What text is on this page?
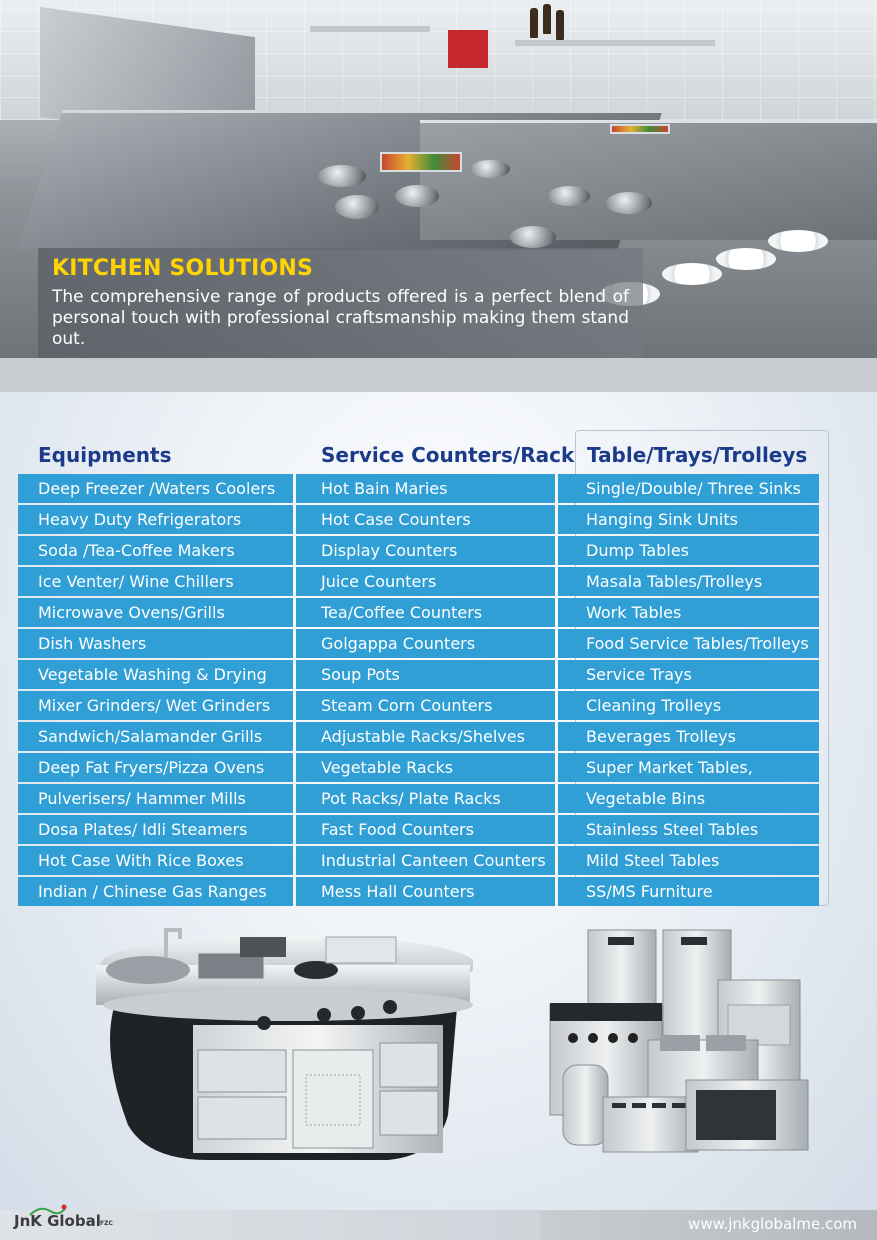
KITCHEN SOLUTIONS
The comprehensive range of products offered is a perfect blend of personal touch with professional craftsmanship making them stand out.
Equipments	Service Counters/Rack Table/Trays/Trolleys
Deep Freezer /Waters Coolers
Heavy Duty Refrigerators
Soda /Tea-Coffee Makers
Ice Venter/ Wine Chillers
Microwave Ovens/Grills
Dish Washers
Vegetable Washing & Drying
Mixer Grinders/ Wet Grinders
Sandwich/Salamander Grills
Deep Fat Fryers/Pizza Ovens
Pulverisers/ Hammer Mills
Dosa Plates/ Idli Steamers
Hot Case With Rice Boxes
Indian / Chinese Gas Ranges
Hot Bain Maries
Hot Case Counters
Display Counters
Juice Counters
Tea/Coffee Counters
Golgappa Counters
Soup Pots
Steam Corn Counters
Adjustable Racks/Shelves
Vegetable Racks
Pot Racks/ Plate Racks
Fast Food Counters
Industrial Canteen Counters
Mess Hall Counters
Single/Double/ Three Sinks
Hanging Sink Units
Dump Tables
Masala Tables/Trolleys
Work Tables
Food Service Tables/Trolleys
Service Trays
Cleaning Trolleys
Beverages Trolleys
Super Market Tables,
Vegetable Bins
Stainless Steel Tables
Mild Steel Tables
SS/MS Furniture
www.jnkglobalme.com
JnK Global FZC
